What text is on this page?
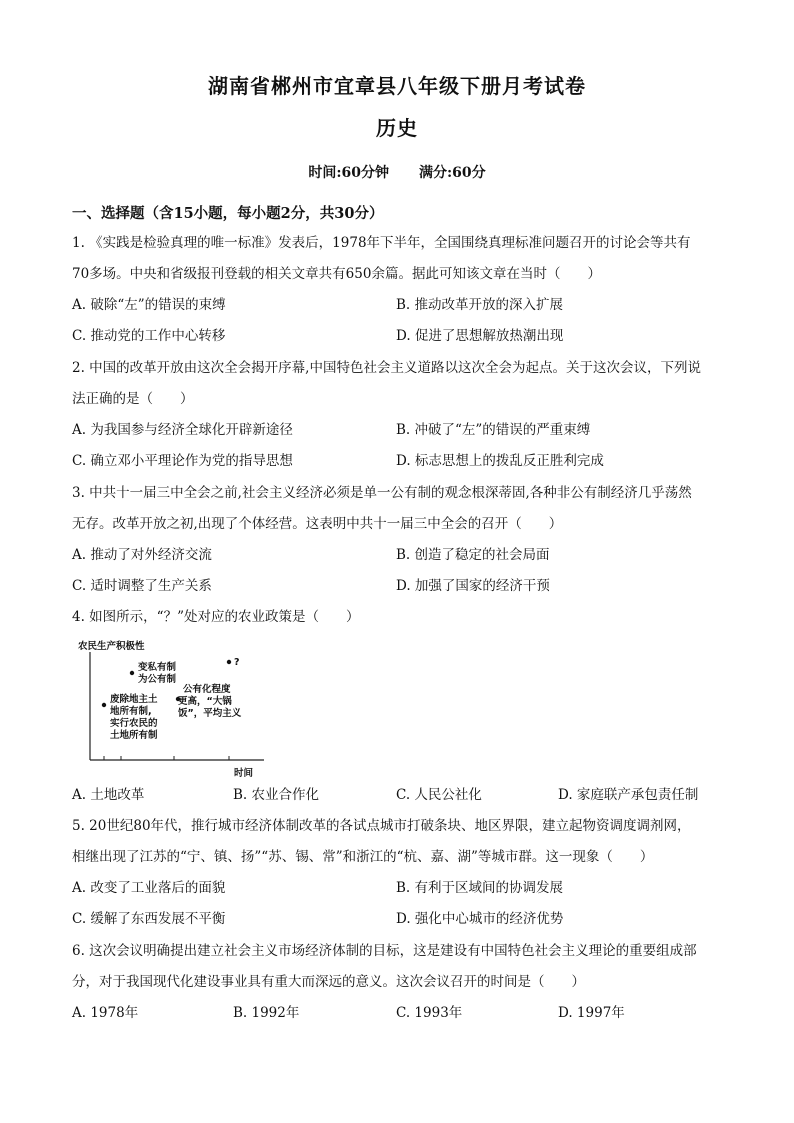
湖南省郴州市宜章县八年级下册月考试卷
历史
时间:60分钟 满分:60分
一、选择题（含15小题，每小题2分，共30分）
1. 《实践是检验真理的唯一标准》发表后，1978年下半年，全国围绕真理标准问题召开的讨论会等共有
70多场。中央和省级报刊登载的相关文章共有650余篇。据此可知该文章在当时（　　）
A. 破除“左”的错误的束缚	B. 推动改革开放的深入扩展
C. 推动党的工作中心转移	D. 促进了思想解放热潮出现
2. 中国的改革开放由这次全会揭开序幕,中国特色社会主义道路以这次全会为起点。关于这次会议，下列说
法正确的是（　　）
A. 为我国参与经济全球化开辟新途径	B. 冲破了“左”的错误的严重束缚
C. 确立邓小平理论作为党的指导思想	D. 标志思想上的拨乱反正胜利完成
3. 中共十一届三中全会之前,社会主义经济必须是单一公有制的观念根深蒂固,各种非公有制经济几乎荡然
无存。改革开放之初,出现了个体经营。这表明中共十一届三中全会的召开（　　）
A. 推动了对外经济交流	B. 创造了稳定的社会局面
C. 适时调整了生产关系	D. 加强了国家的经济干预
4. 如图所示，“？”处对应的农业政策是（　　）
农民生产积极性
时间
废除地主土
地所有制,
实行农民的
土地所有制
变私有制
为公有制
公有化程度
更高，“大锅
饭”，平均主义
?
A. 土地改革	B. 农业合作化	C. 人民公社化	D. 家庭联产承包责任制
5. 20世纪80年代，推行城市经济体制改革的各试点城市打破条块、地区界限，建立起物资调度调剂网，
相继出现了江苏的“宁、镇、扬”“苏、锡、常”和浙江的“杭、嘉、湖”等城市群。这一现象（　　）
A. 改变了工业落后的面貌	B. 有利于区域间的协调发展
C. 缓解了东西发展不平衡	D. 强化中心城市的经济优势
6. 这次会议明确提出建立社会主义市场经济体制的目标，这是建设有中国特色社会主义理论的重要组成部
分，对于我国现代化建设事业具有重大而深远的意义。这次会议召开的时间是（　　）
A. 1978年	B. 1992年	C. 1993年	D. 1997年
